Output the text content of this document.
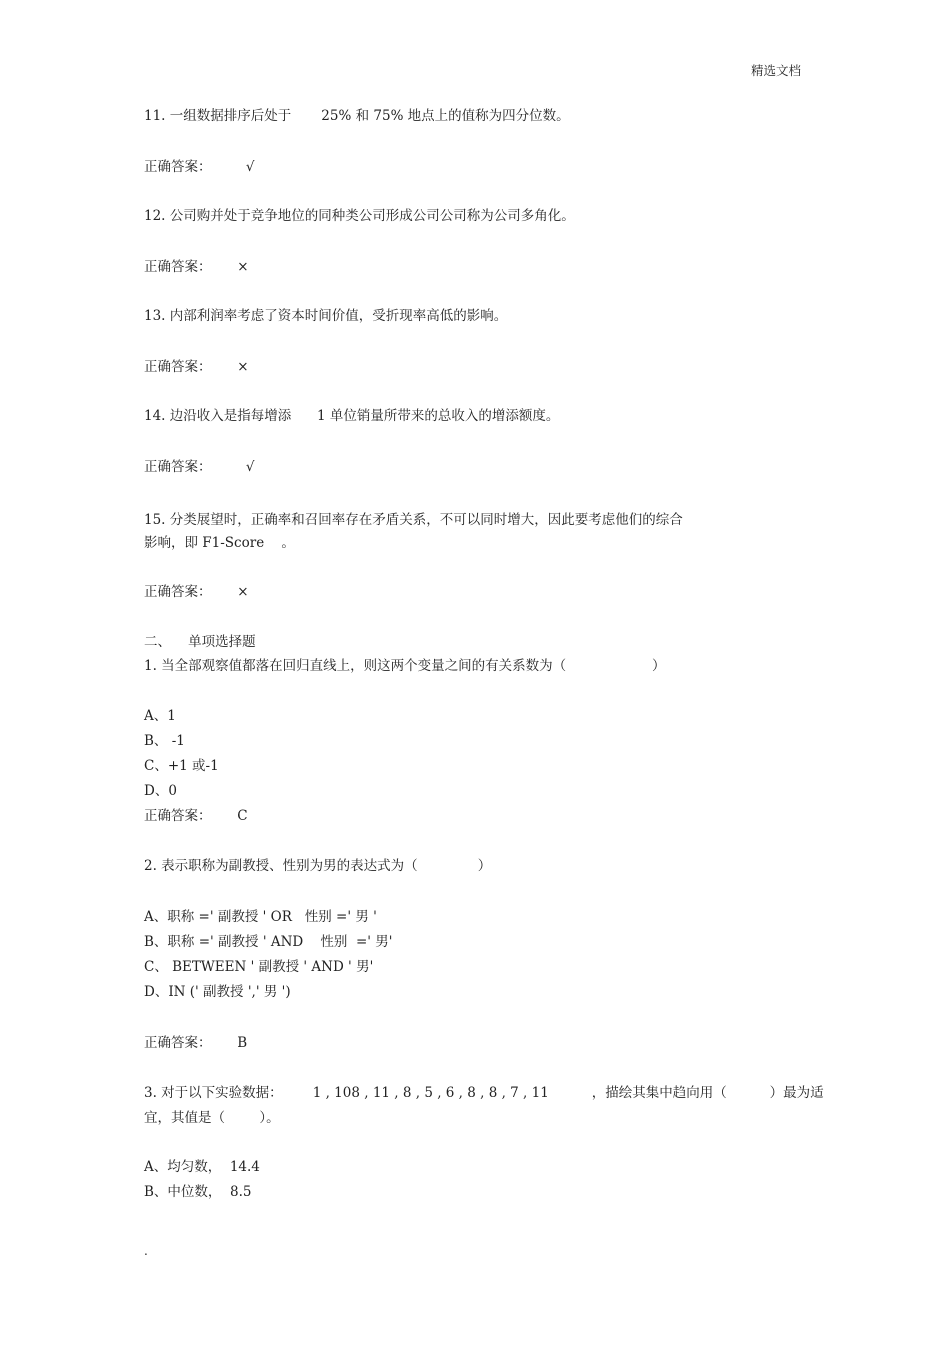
精选文档
11. 一组数据排序后处于       25% 和 75% 地点上的值称为四分位数。
正确答案：        √
12. 公司购并处于竞争地位的同种类公司形成公司公司称为公司多角化。
正确答案：      ×
13. 内部利润率考虑了资本时间价值，受折现率高低的影响。
正确答案：      ×
14. 边沿收入是指每增添      1 单位销量所带来的总收入的增添额度。
正确答案：        √
15. 分类展望时，正确率和召回率存在矛盾关系，不可以同时增大，因此要考虑他们的综合
影响，即 F1-Score    。
正确答案：      ×
二、    单项选择题
1. 当全部观察值都落在回归直线上，则这两个变量之间的有关系数为（                    ）
A、1
B、 -1
C、+1 或-1
D、0
正确答案：      C
2. 表示职称为副教授、性别为男的表达式为（              ）
A、职称 =' 副教授 ' OR   性别 =' 男 '
B、职称 =' 副教授 ' AND    性别  =' 男'
C、 BETWEEN ' 副教授 ' AND ' 男'
D、IN (' 副教授 ',' 男 ')
正确答案：      B
3. 对于以下实验数据：       1 , 108 , 11 , 8 , 5 , 6 , 8 , 8 , 7 , 11          ，描绘其集中趋向用（          ）最为适
宜，其值是（        ）。
A、均匀数，  14.4
B、中位数，  8.5
.
